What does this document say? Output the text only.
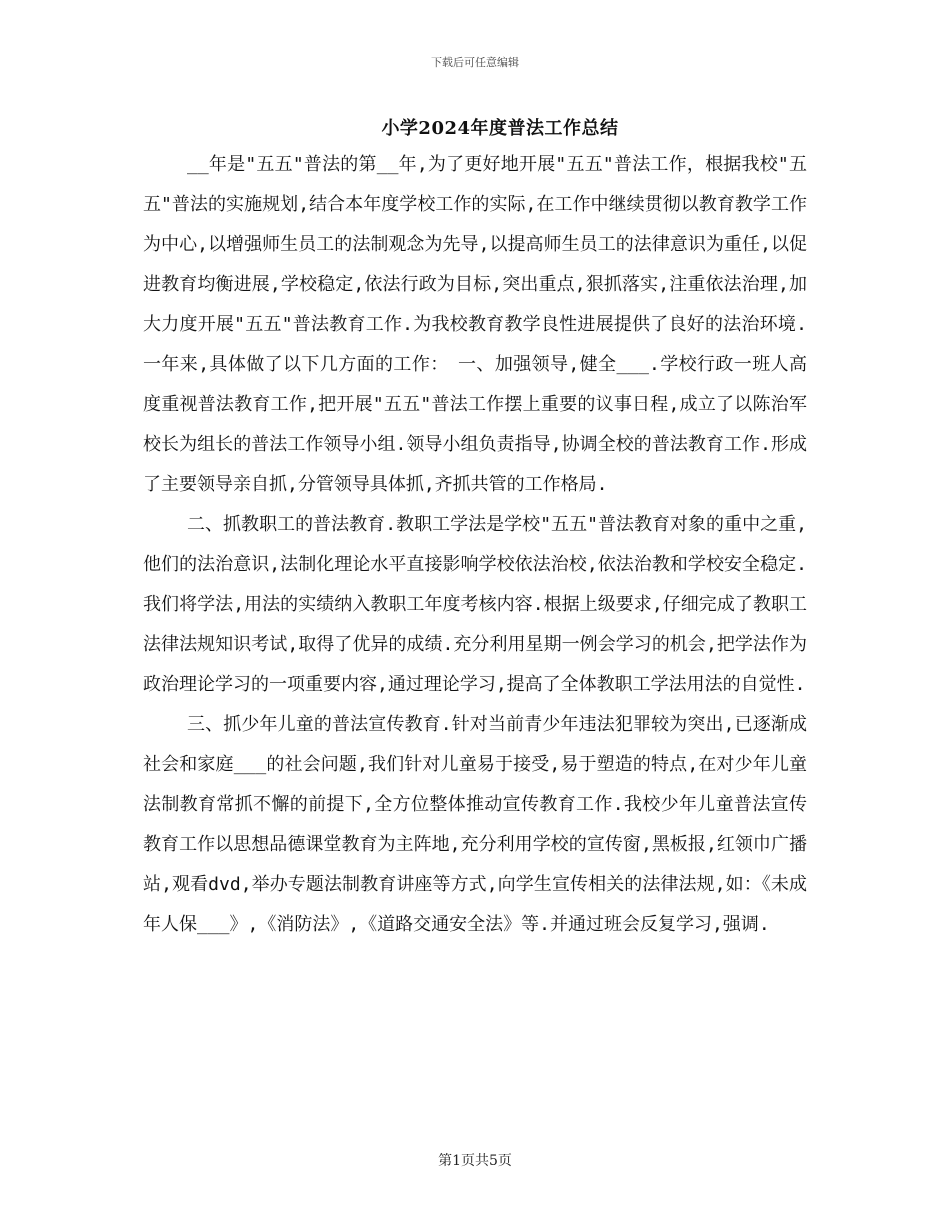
下载后可任意编辑
小学2024年度普法工作总结

__年是"五五"普法的第__年,为了更好地开展"五五"普法工作，根据我校"五五"普法的实施规划,结合本年度学校工作的实际,在工作中继续贯彻以教育教学工作为中心,以增强师生员工的法制观念为先导,以提高师生员工的法律意识为重任,以促进教育均衡进展,学校稳定,依法行政为目标,突出重点,狠抓落实,注重依法治理,加大力度开展"五五"普法教育工作.为我校教育教学良性进展提供了良好的法治环境.一年来,具体做了以下几方面的工作：　一、加强领导,健全___.学校行政一班人高度重视普法教育工作,把开展"五五"普法工作摆上重要的议事日程,成立了以陈治军校长为组长的普法工作领导小组.领导小组负责指导,协调全校的普法教育工作.形成了主要领导亲自抓,分管领导具体抓,齐抓共管的工作格局.

二、抓教职工的普法教育.教职工学法是学校"五五"普法教育对象的重中之重,他们的法治意识,法制化理论水平直接影响学校依法治校,依法治教和学校安全稳定.我们将学法,用法的实绩纳入教职工年度考核内容.根据上级要求,仔细完成了教职工法律法规知识考试,取得了优异的成绩.充分利用星期一例会学习的机会,把学法作为政治理论学习的一项重要内容,通过理论学习,提高了全体教职工学法用法的自觉性.

三、抓少年儿童的普法宣传教育.针对当前青少年违法犯罪较为突出,已逐渐成社会和家庭___的社会问题,我们针对儿童易于接受,易于塑造的特点,在对少年儿童法制教育常抓不懈的前提下,全方位整体推动宣传教育工作.我校少年儿童普法宣传教育工作以思想品德课堂教育为主阵地,充分利用学校的宣传窗,黑板报,红领巾广播站,观看dvd,举办专题法制教育讲座等方式,向学生宣传相关的法律法规,如：《未成年人保___》,《消防法》,《道路交通安全法》等.并通过班会反复学习,强调.

第1页共5页
